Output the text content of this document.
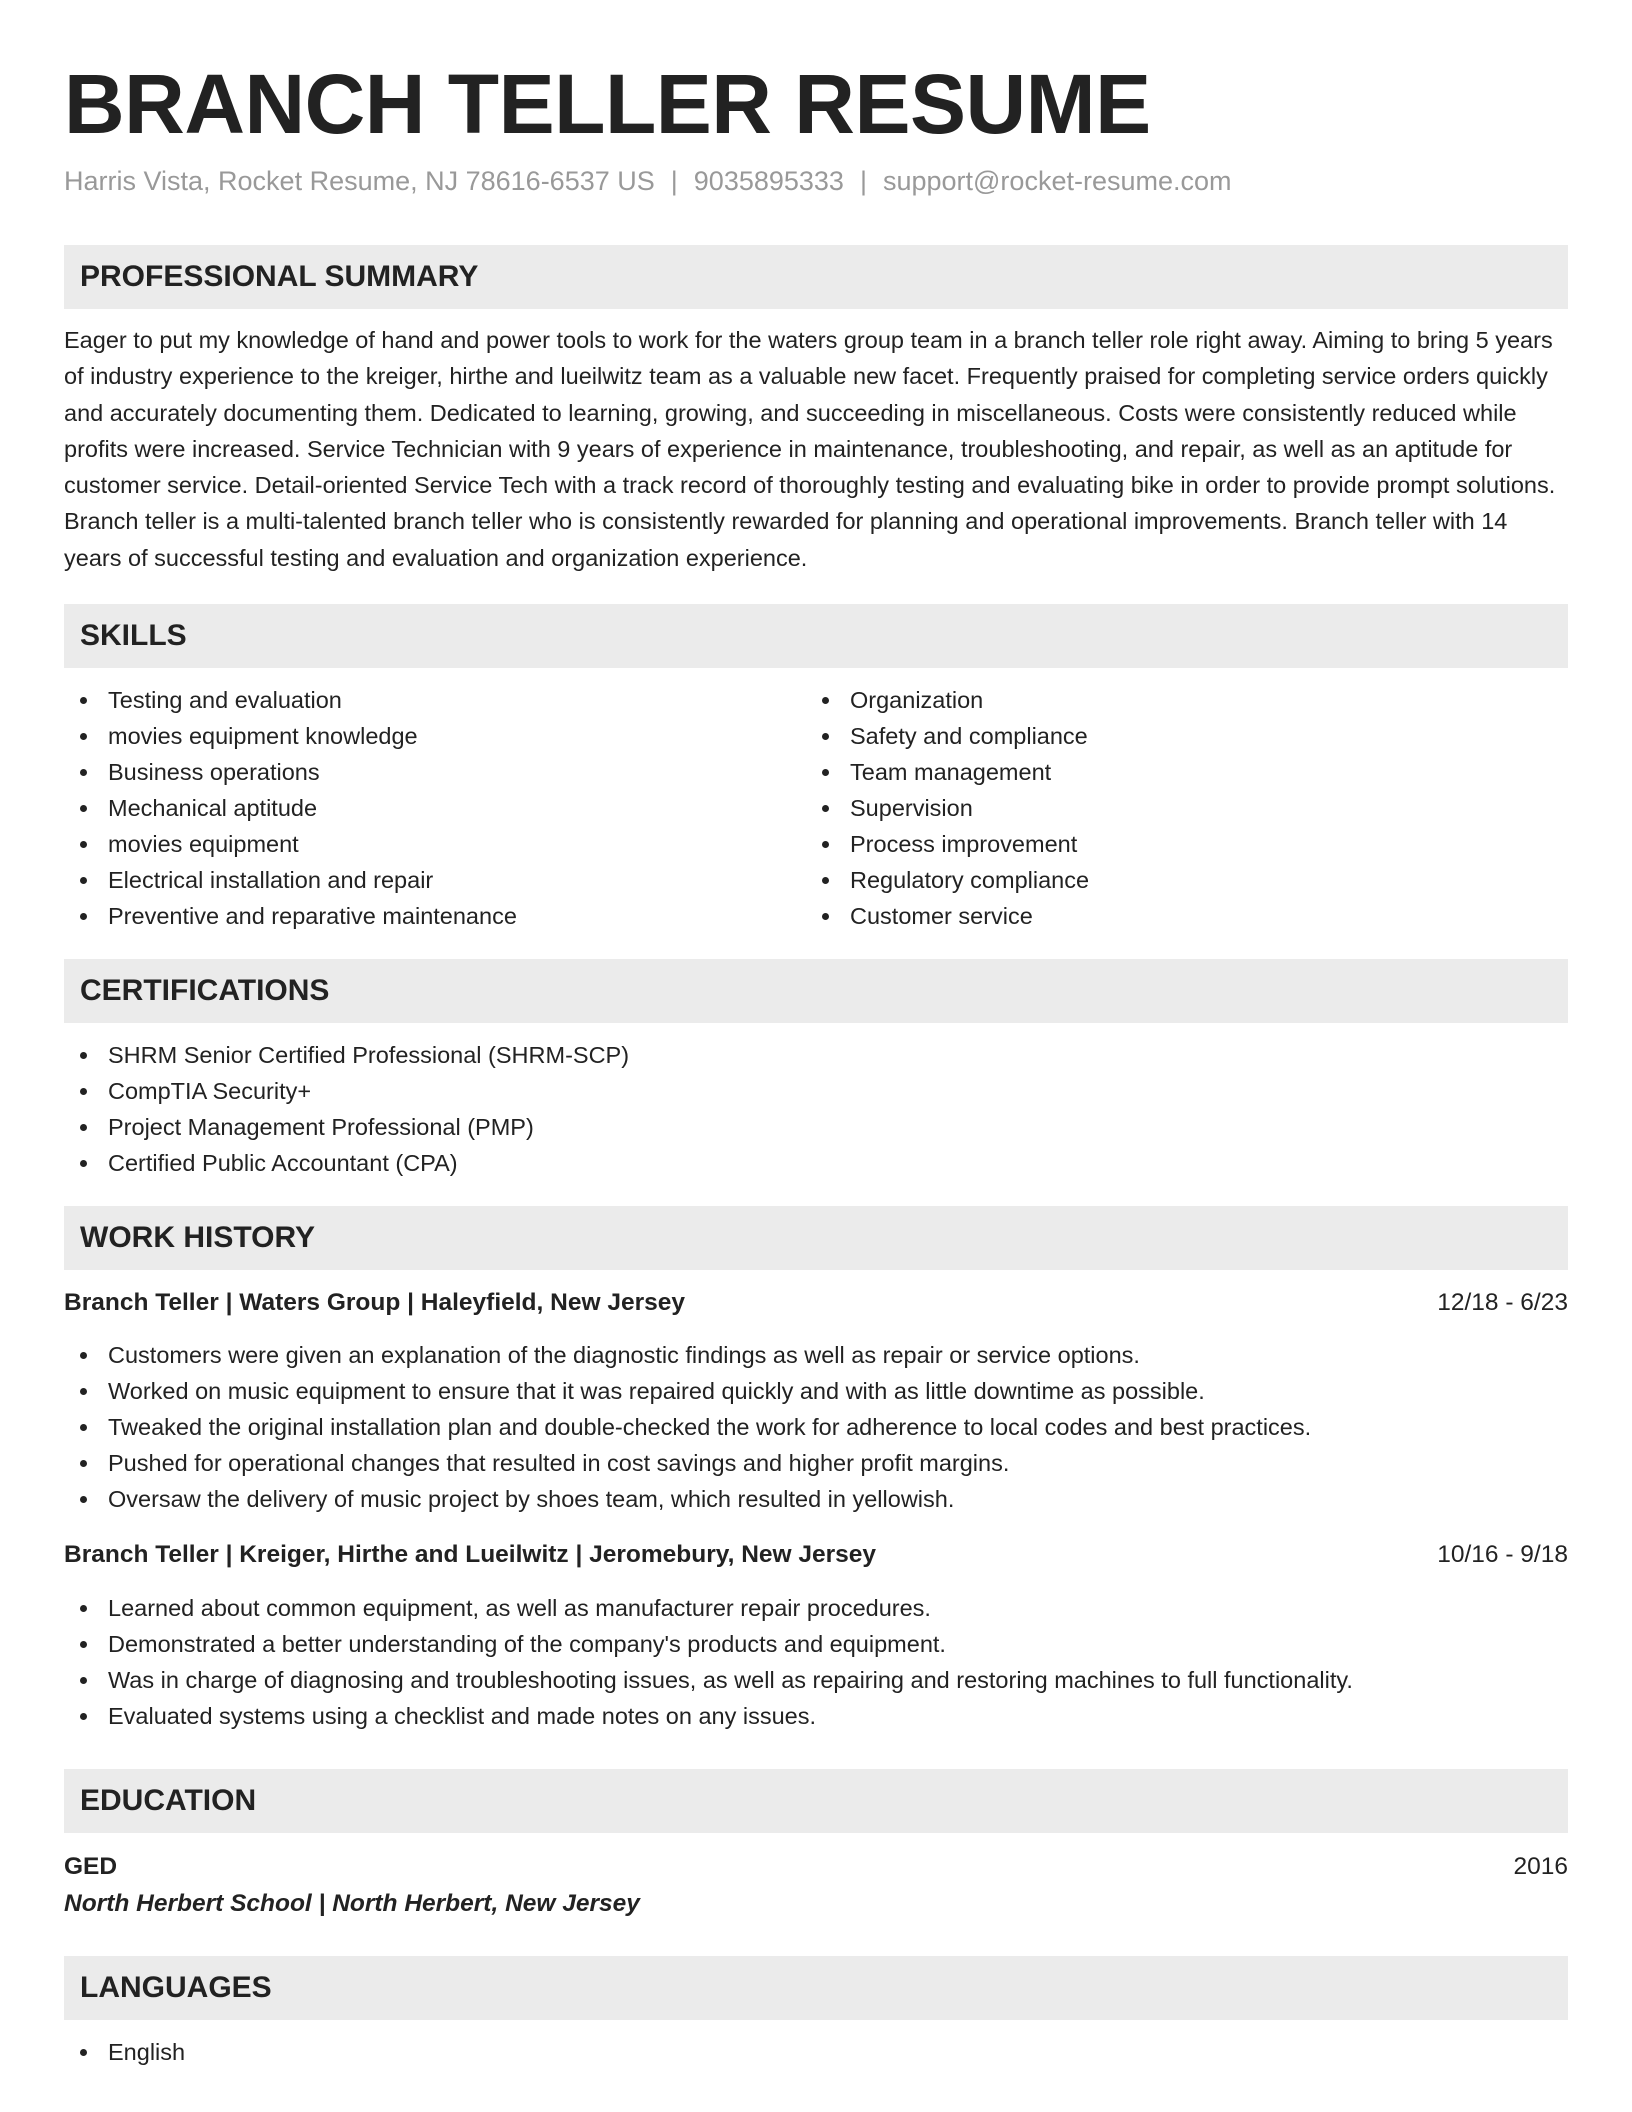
BRANCH TELLER RESUME
Harris Vista, Rocket Resume, NJ 78616-6537 US | 9035895333 | support@rocket-resume.com
PROFESSIONAL SUMMARY

Eager to put my knowledge of hand and power tools to work for the waters group team in a branch teller role right away. Aiming to bring 5 years of industry experience to the kreiger, hirthe and lueilwitz team as a valuable new facet. Frequently praised for completing service orders quickly and accurately documenting them. Dedicated to learning, growing, and succeeding in miscellaneous. Costs were consistently reduced while profits were increased. Service Technician with 9 years of experience in maintenance, troubleshooting, and repair, as well as an aptitude for customer service. Detail-oriented Service Tech with a track record of thoroughly testing and evaluating bike in order to provide prompt solutions. Branch teller is a multi-talented branch teller who is consistently rewarded for planning and operational improvements. Branch teller with 14 years of successful testing and evaluation and organization experience.

SKILLS
Testing and evaluation
movies equipment knowledge
Business operations
Mechanical aptitude
movies equipment
Electrical installation and repair
Preventive and reparative maintenance
Organization
Safety and compliance
Team management
Supervision
Process improvement
Regulatory compliance
Customer service
CERTIFICATIONS
SHRM Senior Certified Professional (SHRM-SCP)
CompTIA Security+
Project Management Professional (PMP)
Certified Public Accountant (CPA)
WORK HISTORY
Branch Teller | Waters Group | Haleyfield, New Jersey	12/18 - 6/23
Customers were given an explanation of the diagnostic findings as well as repair or service options.
Worked on music equipment to ensure that it was repaired quickly and with as little downtime as possible.
Tweaked the original installation plan and double-checked the work for adherence to local codes and best practices.
Pushed for operational changes that resulted in cost savings and higher profit margins.
Oversaw the delivery of music project by shoes team, which resulted in yellowish.
Branch Teller | Kreiger, Hirthe and Lueilwitz | Jeromebury, New Jersey	10/16 - 9/18
Learned about common equipment, as well as manufacturer repair procedures.
Demonstrated a better understanding of the company's products and equipment.
Was in charge of diagnosing and troubleshooting issues, as well as repairing and restoring machines to full functionality.
Evaluated systems using a checklist and made notes on any issues.
EDUCATION
GED	2016
North Herbert School | North Herbert, New Jersey
LANGUAGES
English
